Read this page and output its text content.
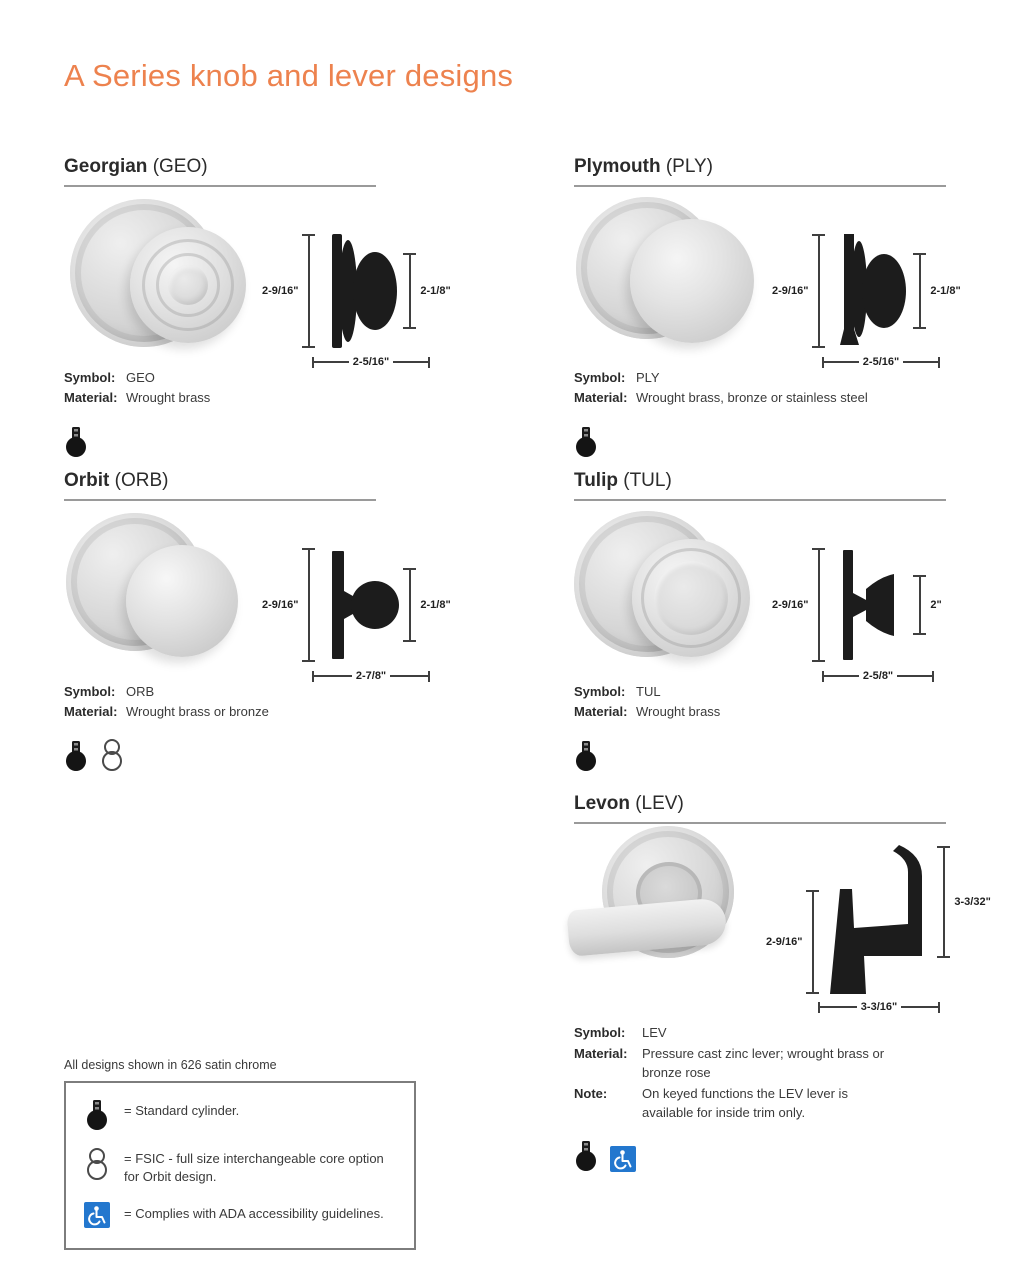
A Series knob and lever designs
Georgian (GEO)
2-9/16"	2-1/8"
2-5/16"
Symbol: GEO
Material: Wrought brass
Plymouth (PLY)
2-9/16"	2-1/8"
2-5/16"
Symbol: PLY
Material: Wrought brass, bronze or stainless steel
Orbit (ORB)
2-9/16"	2-1/8"
2-7/8"
Symbol: ORB
Material: Wrought brass or bronze
Tulip (TUL)
2-9/16"	2"
2-5/8"
Symbol: TUL
Material: Wrought brass
Levon (LEV)
2-9/16"
3-3/32"
3-3/16"
Symbol:	LEV
Material:	Pressure cast zinc lever; wrought brass or bronze rose
Note:	On keyed functions the LEV lever is available for inside trim only.

All designs shown in 626 satin chrome

= Standard cylinder.
= FSIC - full size interchangeable core option for Orbit design.
= Complies with ADA accessibility guidelines.
